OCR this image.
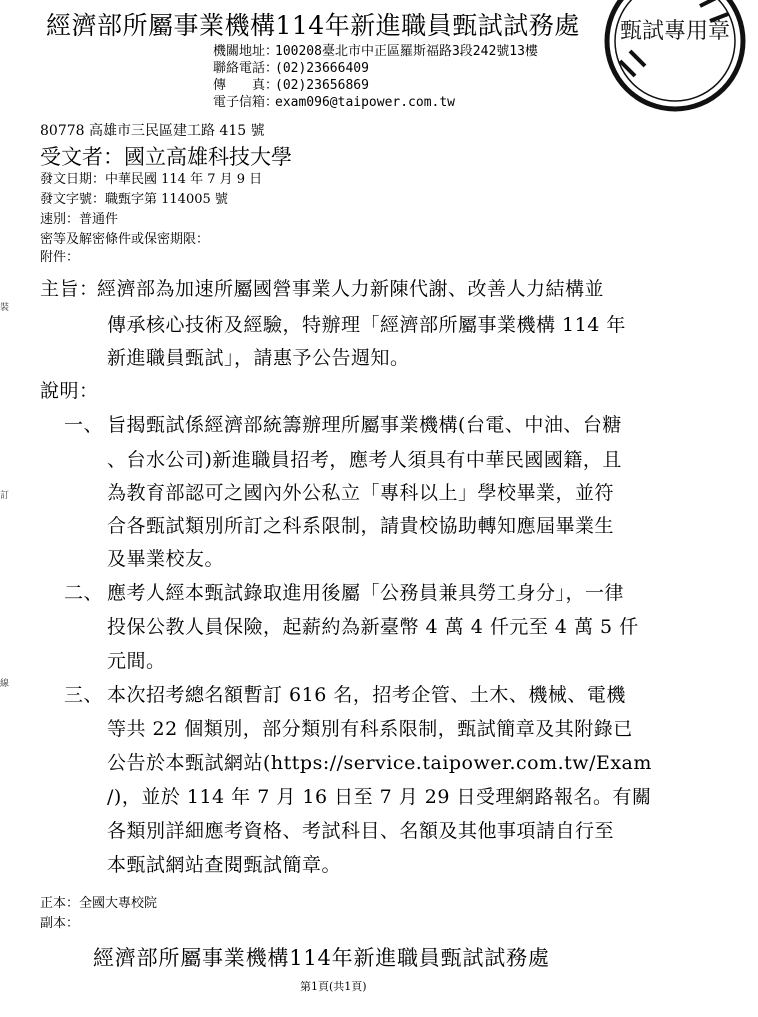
經濟部所屬事業機構114年新進職員甄試試務處
機關地址：100208臺北市中正區羅斯福路3段242號13樓
聯絡電話：(02)23666409
傳　　真：(02)23656869
電子信箱：exam096@taipower.com.tw
甄試專用章
80778 高雄市三民區建工路 415 號
受文者：國立高雄科技大學
發文日期：中華民國 114 年 7 月 9 日
發文字號：職甄字第 114005 號
速別：普通件
密等及解密條件或保密期限：
附件：
主旨：
經濟部為加速所屬國營事業人力新陳代謝、改善人力結構並
傳承核心技術及經驗，特辦理「經濟部所屬事業機構 114 年
新進職員甄試」，請惠予公告週知。
說明：
一、 旨揭甄試係經濟部統籌辦理所屬事業機構(台電、中油、台糖
、台水公司)新進職員招考，應考人須具有中華民國國籍，且
為教育部認可之國內外公私立「專科以上」學校畢業，並符
合各甄試類別所訂之科系限制，請貴校協助轉知應屆畢業生
及畢業校友。
二、 應考人經本甄試錄取進用後屬「公務員兼具勞工身分」，一律
投保公教人員保險，起薪約為新臺幣 4 萬 4 仟元至 4 萬 5 仟
元間。
三、 本次招考總名額暫訂 616 名，招考企管、土木、機械、電機
等共 22 個類別，部分類別有科系限制，甄試簡章及其附錄已
公告於本甄試網站(https://service.taipower.com.tw/Exam
/)，並於 114 年 7 月 16 日至 7 月 29 日受理網路報名。有關
各類別詳細應考資格、考試科目、名額及其他事項請自行至
本甄試網站查閱甄試簡章。
正本：全國大專校院
副本：
經濟部所屬事業機構114年新進職員甄試試務處
第1頁(共1頁)
裝
訂
線
